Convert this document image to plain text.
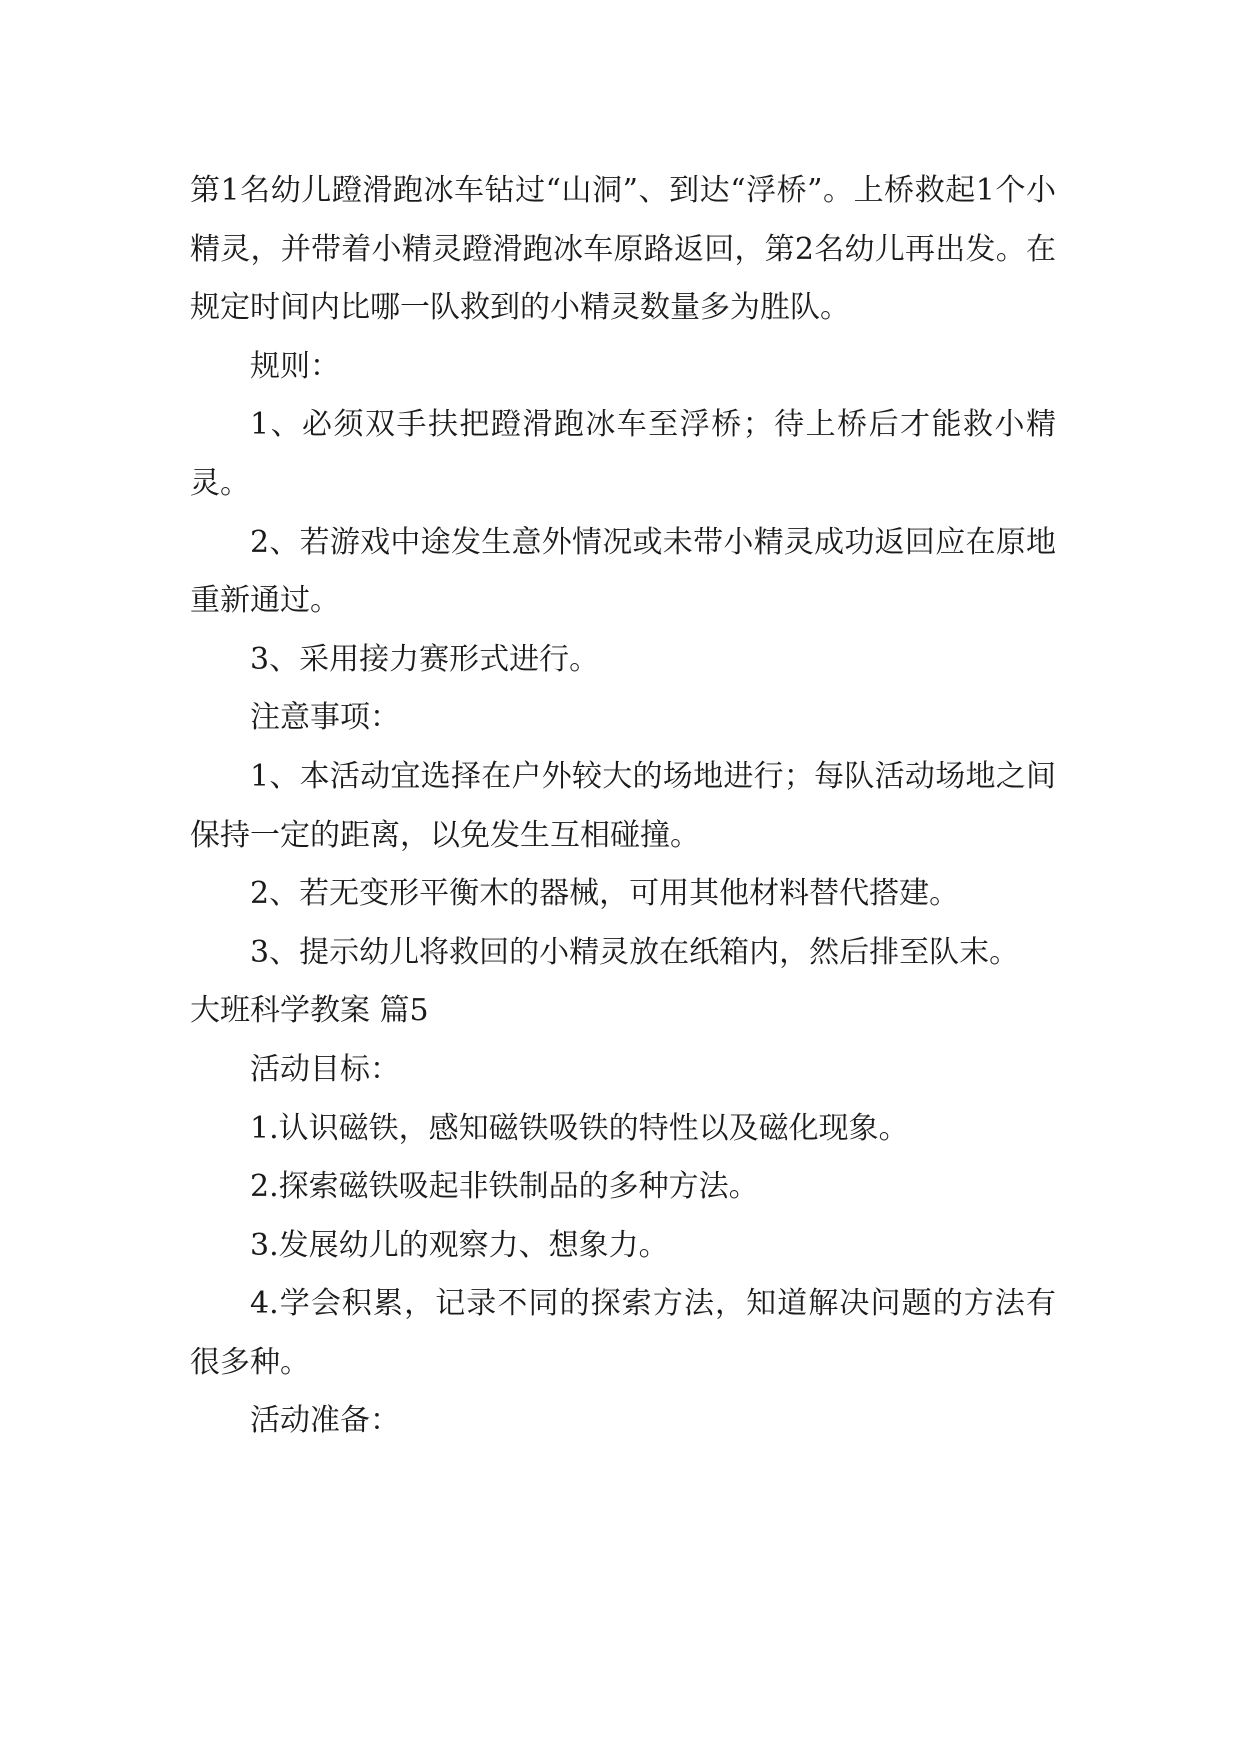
第1名幼儿蹬滑跑冰车钻过“山洞”、到达“浮桥”。上桥救起1个小精灵，并带着小精灵蹬滑跑冰车原路返回，第2名幼儿再出发。在规定时间内比哪一队救到的小精灵数量多为胜队。

规则：

1、必须双手扶把蹬滑跑冰车至浮桥；待上桥后才能救小精灵。

2、若游戏中途发生意外情况或未带小精灵成功返回应在原地重新通过。

3、采用接力赛形式进行。

注意事项：

1、本活动宜选择在户外较大的场地进行；每队活动场地之间保持一定的距离，以免发生互相碰撞。

2、若无变形平衡木的器械，可用其他材料替代搭建。

3、提示幼儿将救回的小精灵放在纸箱内，然后排至队末。

大班科学教案 篇5

活动目标：

1.认识磁铁，感知磁铁吸铁的特性以及磁化现象。

2.探索磁铁吸起非铁制品的多种方法。

3.发展幼儿的观察力、想象力。

4.学会积累，记录不同的探索方法，知道解决问题的方法有很多种。

活动准备：
